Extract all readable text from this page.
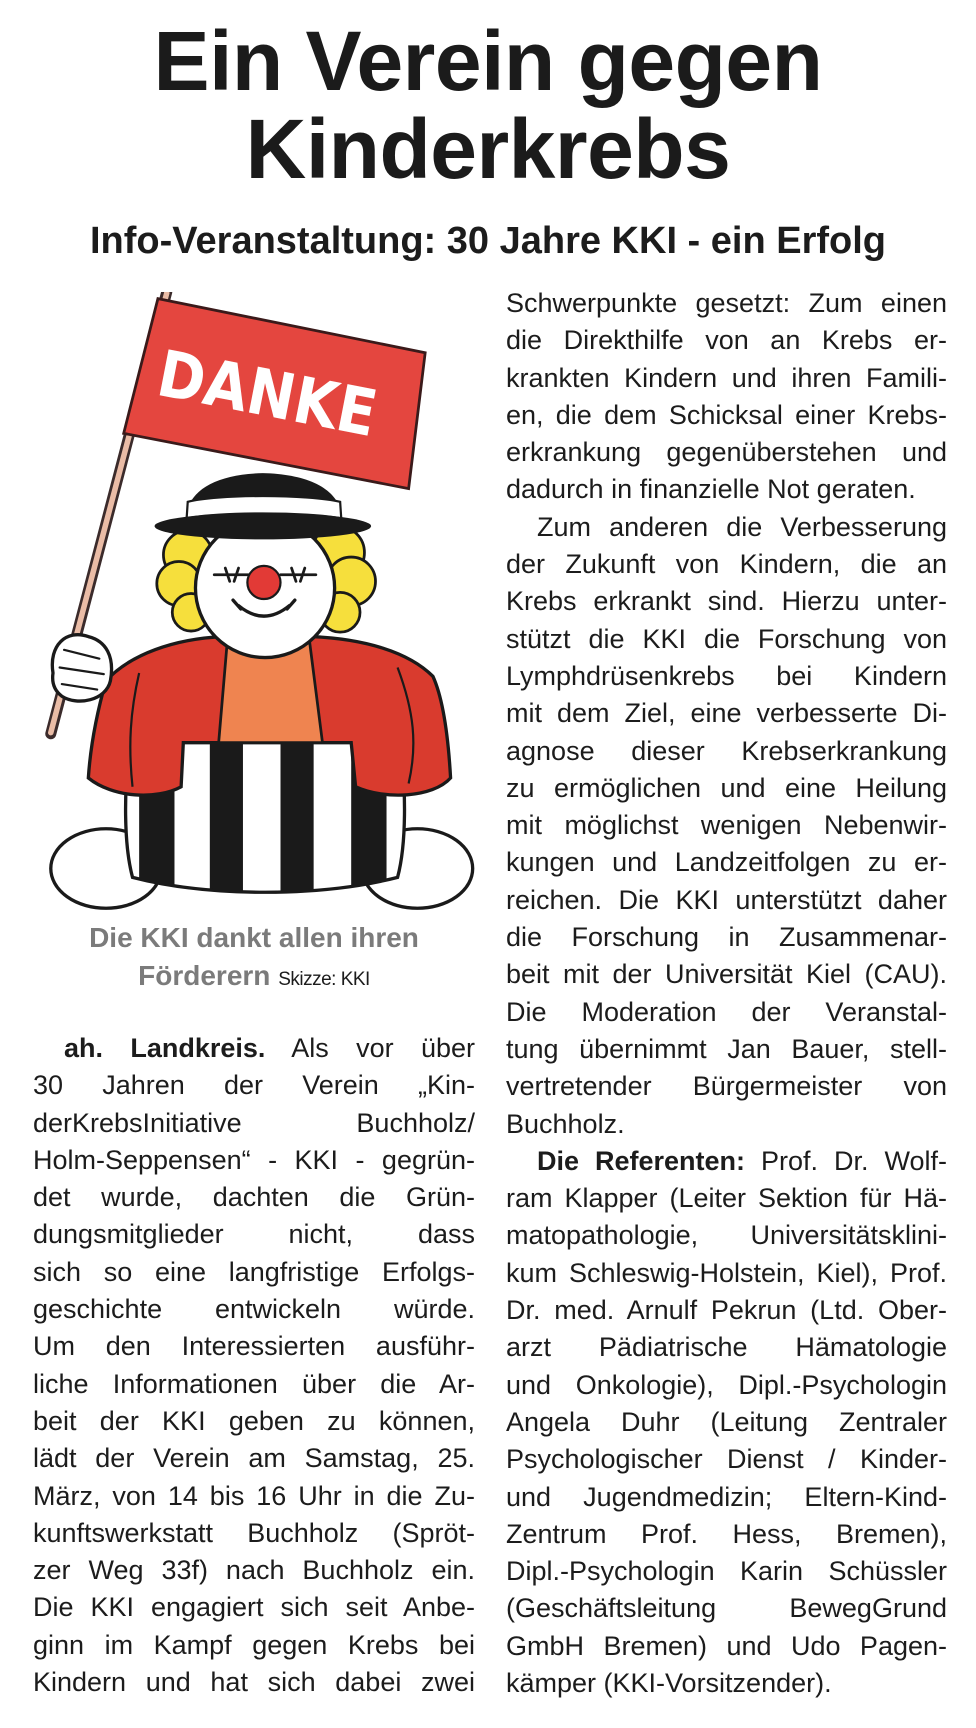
Ein Verein gegen
Kinderkrebs
Info-Veranstaltung: 30 Jahre KKI - ein Erfolg
DANKE
Die KKI dankt allen ihren
Förderern Skizze: KKI
ah. Landkreis. Als vor über
30 Jahren der Verein „Kin-
derKrebsInitiative Buchholz/
Holm-Seppensen“ - KKI - gegrün-
det wurde, dachten die Grün-
dungsmitglieder nicht, dass
sich so eine langfristige Erfolgs-
geschichte entwickeln würde.
Um den Interessierten ausführ-
liche Informationen über die Ar-
beit der KKI geben zu können,
lädt der Verein am Samstag, 25.
März, von 14 bis 16 Uhr in die Zu-
kunftswerkstatt Buchholz (Spröt-
zer Weg 33f) nach Buchholz ein.
Die KKI engagiert sich seit Anbe-
ginn im Kampf gegen Krebs bei
Kindern und hat sich dabei zwei
Schwerpunkte gesetzt: Zum einen
die Direkthilfe von an Krebs er-
krankten Kindern und ihren Famili-
en, die dem Schicksal einer Krebs-
erkrankung gegenüberstehen und
dadurch in finanzielle Not geraten.
Zum anderen die Verbesserung
der Zukunft von Kindern, die an
Krebs erkrankt sind. Hierzu unter-
stützt die KKI die Forschung von
Lymphdrüsenkrebs bei Kindern
mit dem Ziel, eine verbesserte Di-
agnose dieser Krebserkrankung
zu ermöglichen und eine Heilung
mit möglichst wenigen Nebenwir-
kungen und Landzeitfolgen zu er-
reichen. Die KKI unterstützt daher
die Forschung in Zusammenar-
beit mit der Universität Kiel (CAU).
Die Moderation der Veranstal-
tung übernimmt Jan Bauer, stell-
vertretender Bürgermeister von
Buchholz.
Die Referenten: Prof. Dr. Wolf-
ram Klapper (Leiter Sektion für Hä-
matopathologie, Universitätsklini-
kum Schleswig-Holstein, Kiel), Prof.
Dr. med. Arnulf Pekrun (Ltd. Ober-
arzt Pädiatrische Hämatologie
und Onkologie), Dipl.-Psychologin
Angela Duhr (Leitung Zentraler
Psychologischer Dienst / Kinder-
und Jugendmedizin; Eltern-Kind-
Zentrum Prof. Hess, Bremen),
Dipl.-Psychologin Karin Schüssler
(Geschäftsleitung BewegGrund
GmbH Bremen) und Udo Pagen-
kämper (KKI-Vorsitzender).
